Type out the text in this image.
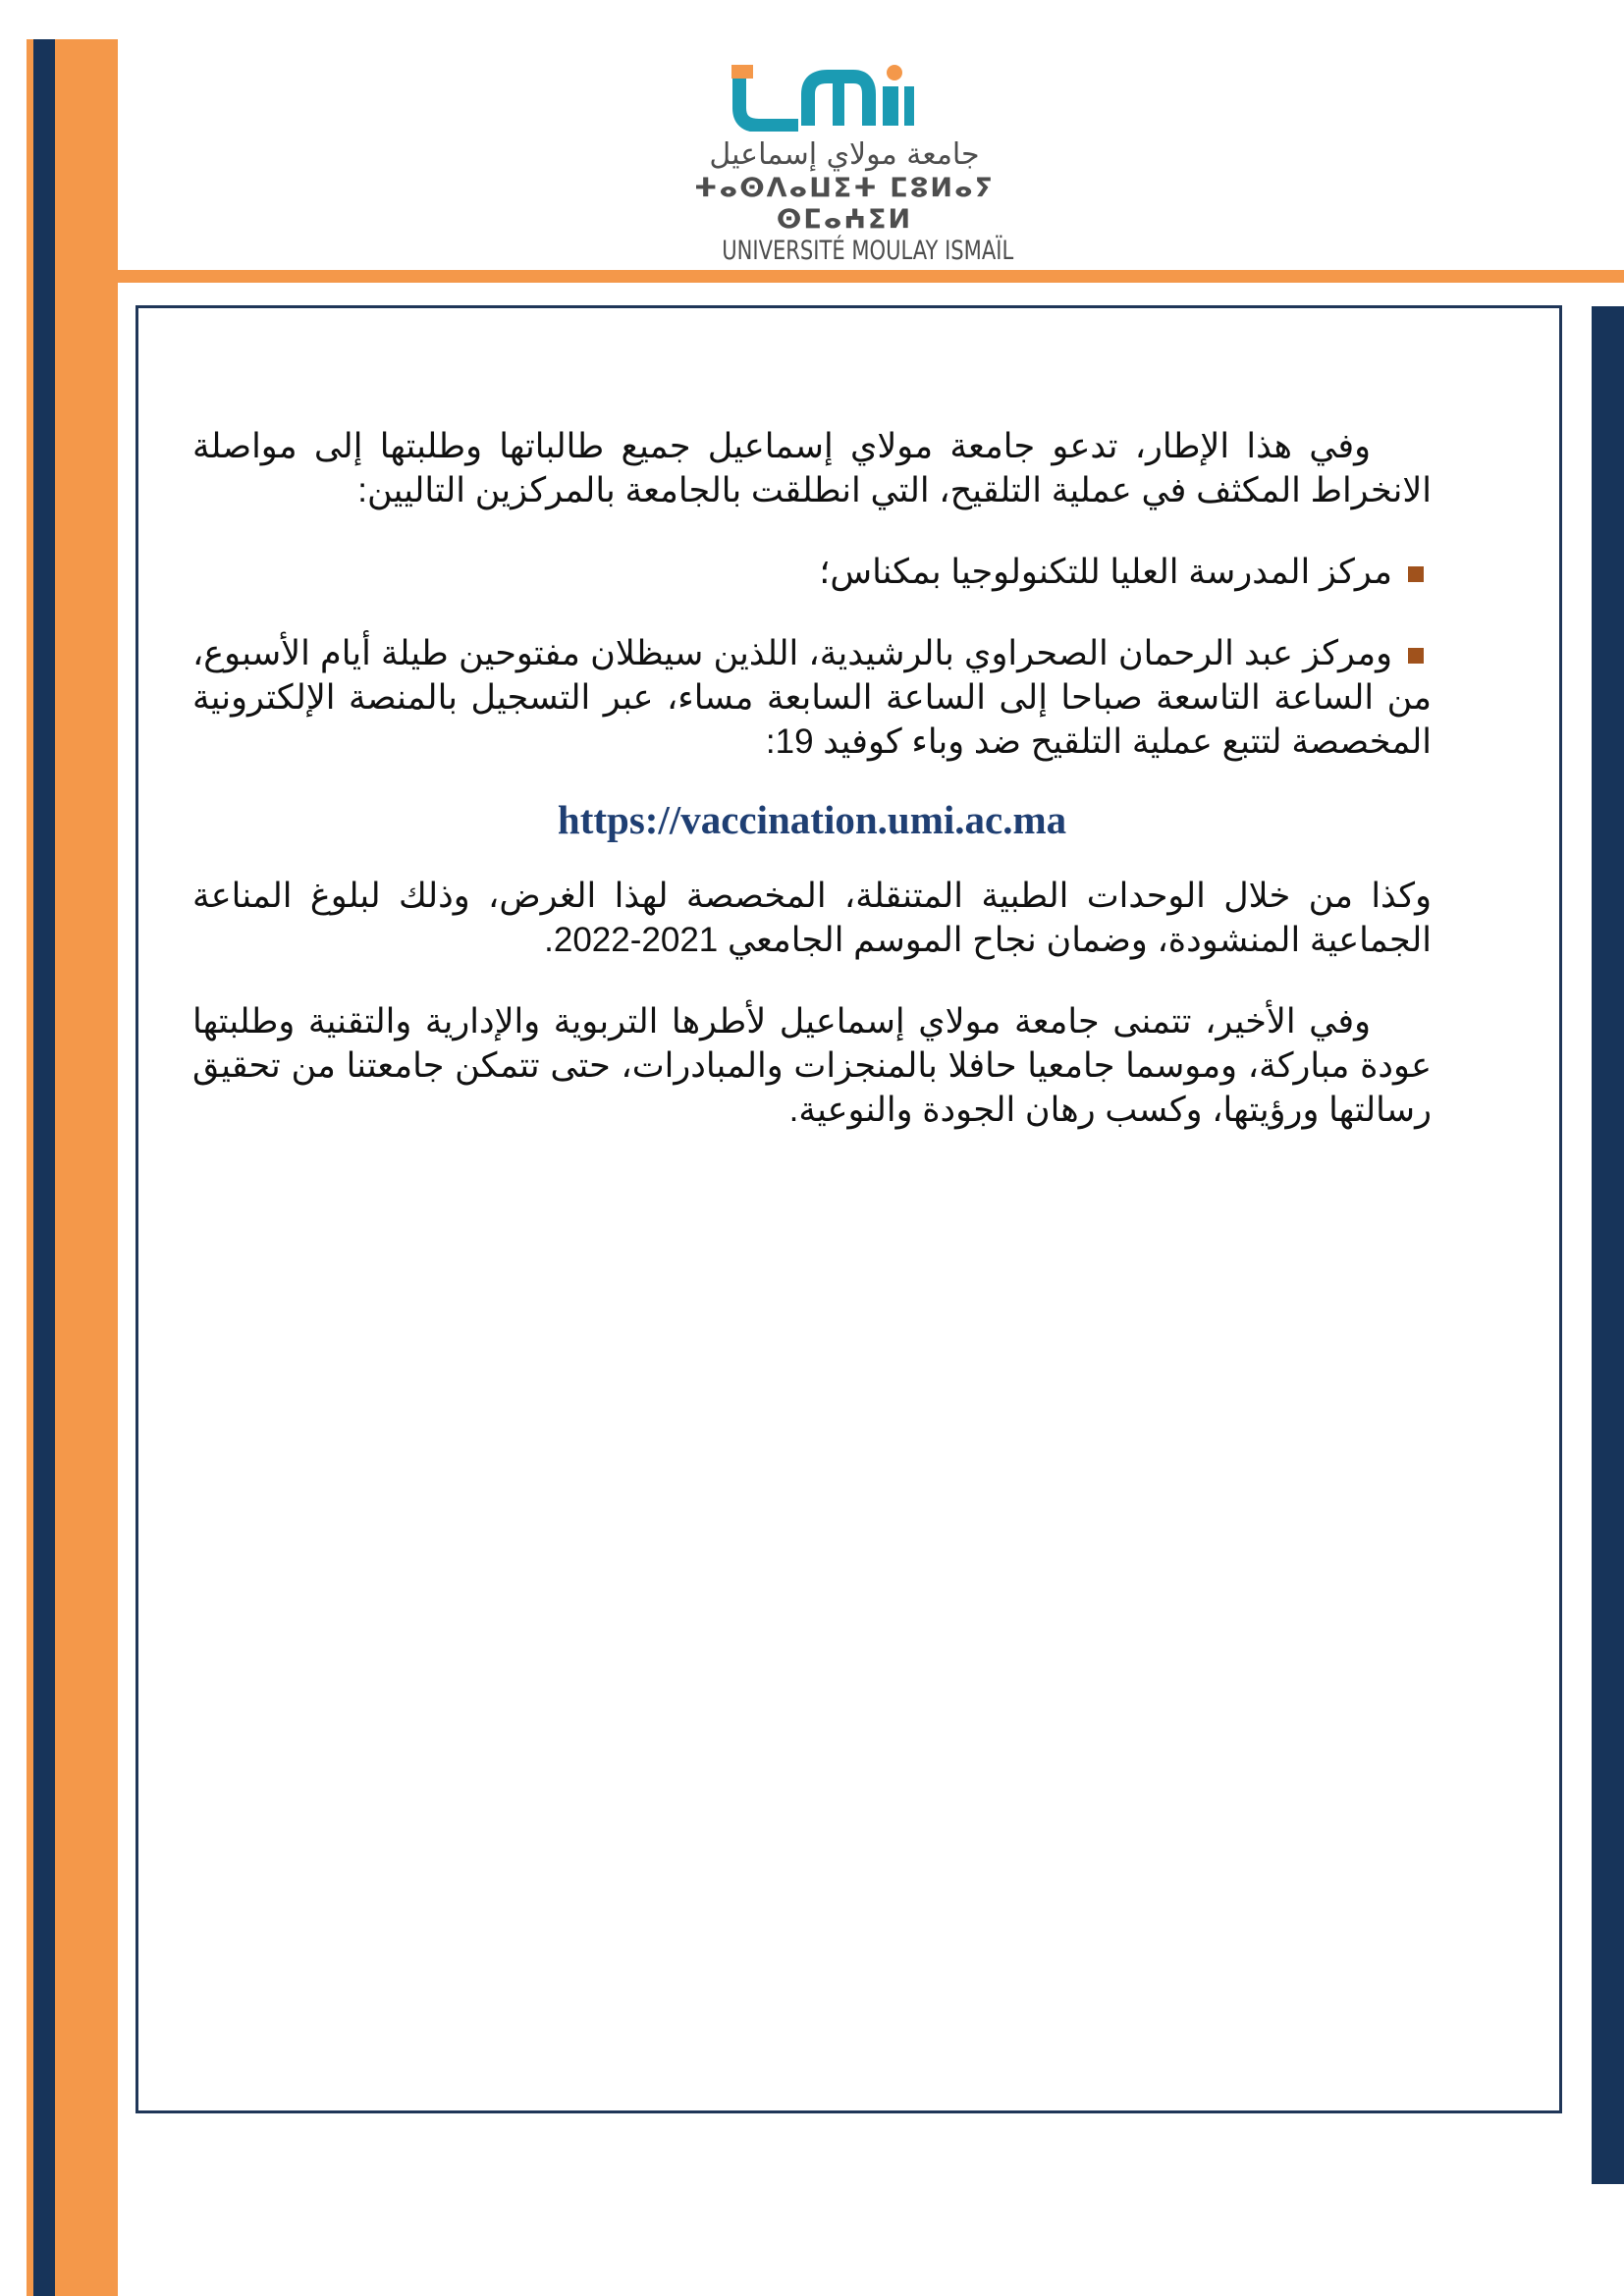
جامعة مولاي إسماعيل
ⵜⴰⵙⴷⴰⵡⵉⵜ ⵎⵓⵍⴰⵢ ⵙⵎⴰⵄⵉⵍ
UNIVERSITÉ MOULAY ISMAÏL

وفي هذا الإطار، تدعو جامعة مولاي إسماعيل جميع طالباتها وطلبتها إلى مواصلة الانخراط المكثف في عملية التلقيح، التي انطلقت بالجامعة بالمركزين التاليين:

مركز المدرسة العليا للتكنولوجيا بمكناس؛

ومركز عبد الرحمان الصحراوي بالرشيدية، اللذين سيظلان مفتوحين طيلة أيام الأسبوع، من الساعة التاسعة صباحا إلى الساعة السابعة مساء، عبر التسجيل بالمنصة الإلكترونية المخصصة لتتبع عملية التلقيح ضد وباء كوفيد 19:

https://vaccination.umi.ac.ma

وكذا من خلال الوحدات الطبية المتنقلة، المخصصة لهذا الغرض، وذلك لبلوغ المناعة الجماعية المنشودة، وضمان نجاح الموسم الجامعي 2021-2022.

وفي الأخير، تتمنى جامعة مولاي إسماعيل لأطرها التربوية والإدارية والتقنية وطلبتها عودة مباركة، وموسما جامعيا حافلا بالمنجزات والمبادرات، حتى تتمكن جامعتنا من تحقيق رسالتها ورؤيتها، وكسب رهان الجودة والنوعية.
